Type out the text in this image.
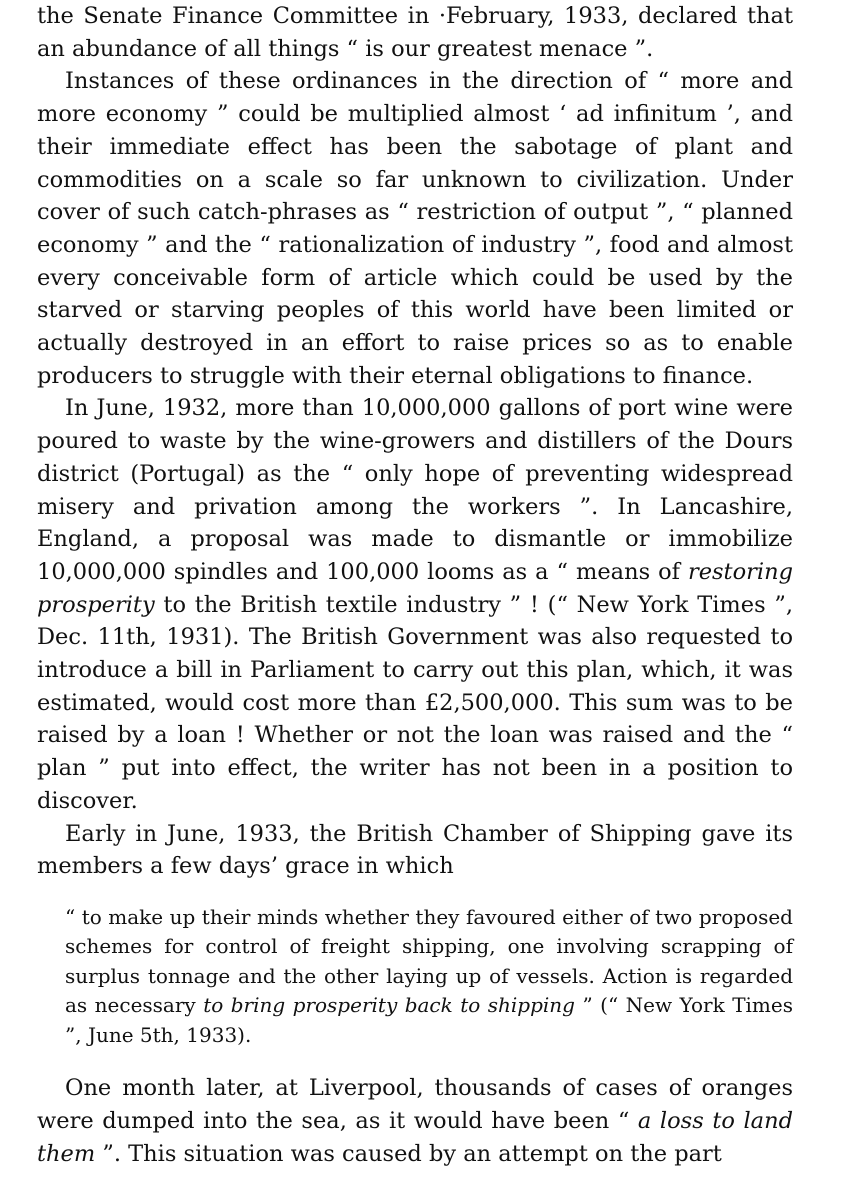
the Senate Finance Committee in ·February, 1933, declared that an abundance of all things “ is our greatest menace ”.

Instances of these ordinances in the direction of “ more and more economy ” could be multiplied almost ‘ ad infinitum ’, and their immediate effect has been the sabotage of plant and commodities on a scale so far unknown to civilization. Under cover of such catch-phrases as “ restriction of output ”, “ planned economy ” and the “ rationalization of industry ”, food and almost every conceivable form of article which could be used by the starved or starving peoples of this world have been limited or actually destroyed in an effort to raise prices so as to enable producers to struggle with their eternal obligations to finance.

In June, 1932, more than 10,000,000 gallons of port wine were poured to waste by the wine-growers and distillers of the Dours district (Portugal) as the “ only hope of preventing widespread misery and privation among the workers ”. In Lancashire, England, a proposal was made to dismantle or immobilize 10,000,000 spindles and 100,000 looms as a “ means of restoring prosperity to the British textile industry ” ! (“ New York Times ”, Dec. 11th, 1931). The British Government was also requested to introduce a bill in Parliament to carry out this plan, which, it was estimated, would cost more than £2,500,000. This sum was to be raised by a loan ! Whether or not the loan was raised and the “ plan ” put into effect, the writer has not been in a position to discover.

Early in June, 1933, the British Chamber of Shipping gave its members a few days’ grace in which

“ to make up their minds whether they favoured either of two proposed schemes for control of freight shipping, one involving scrapping of surplus tonnage and the other laying up of vessels. Action is regarded as necessary to bring prosperity back to shipping ” (“ New York Times ”, June 5th, 1933).

One month later, at Liverpool, thousands of cases of oranges were dumped into the sea, as it would have been “ a loss to land them ”. This situation was caused by an attempt on the part
